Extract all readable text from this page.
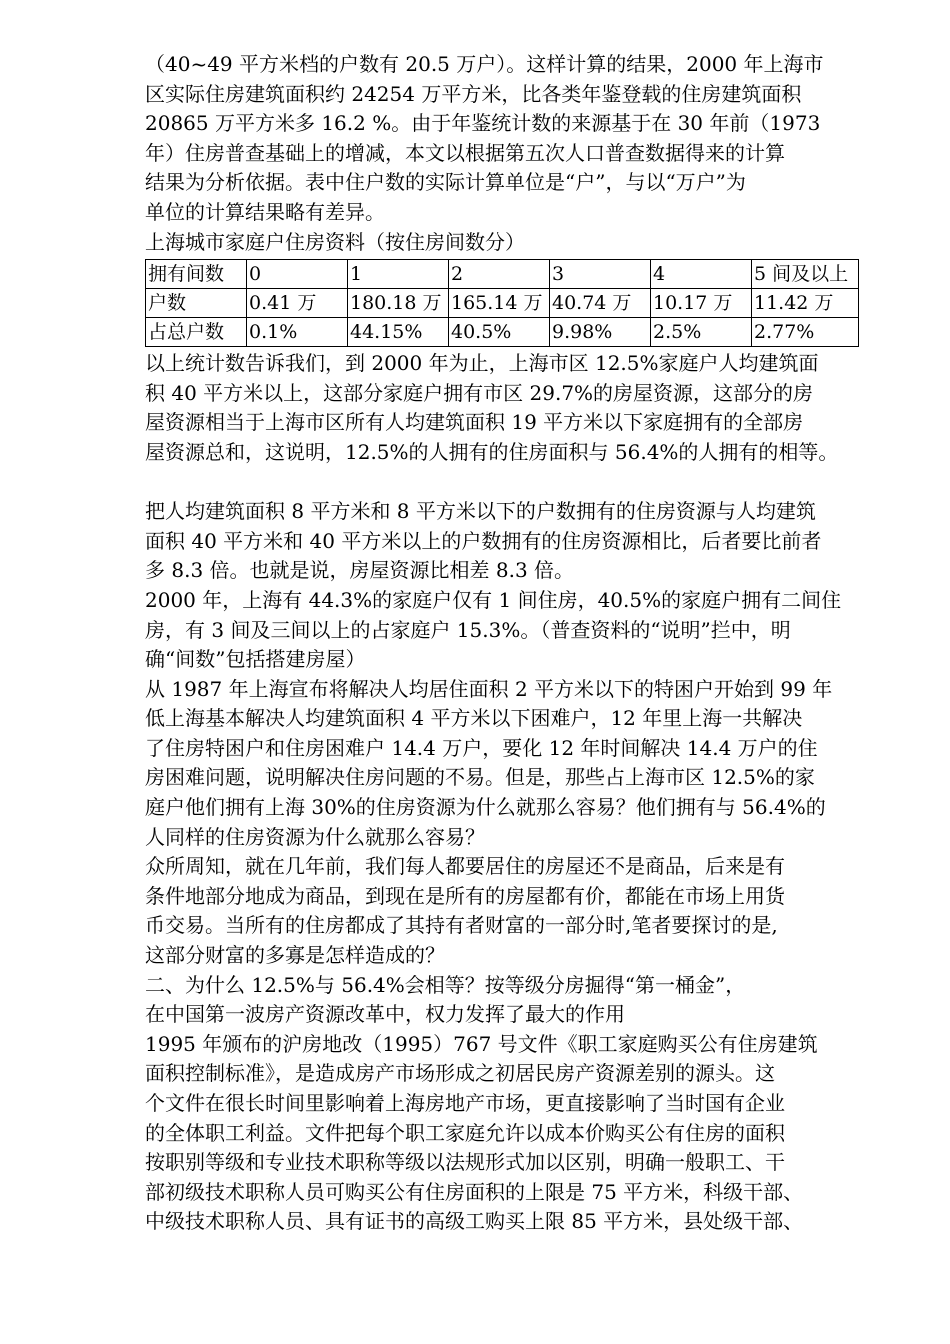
（40~49 平方米档的户数有 20.5 万户）。这样计算的结果，2000 年上海市
区实际住房建筑面积约 24254 万平方米，比各类年鉴登载的住房建筑面积
20865 万平方米多 16.2 %。由于年鉴统计数的来源基于在 30 年前（1973
年）住房普查基础上的增减，本文以根据第五次人口普查数据得来的计算
结果为分析依据。表中住户数的实际计算单位是“户”，与以“万户”为
单位的计算结果略有差异。
上海城市家庭户住房资料（按住房间数分）
拥有间数	0	1	2	3	4	5 间及以上
户数	0.41 万	180.18 万	165.14 万	40.74 万	10.17 万	11.42 万
占总户数	0.1%	44.15%	40.5%	9.98%	2.5%	2.77%
以上统计数告诉我们，到 2000 年为止，上海市区 12.5%家庭户人均建筑面
积 40 平方米以上，这部分家庭户拥有市区 29.7%的房屋资源，这部分的房
屋资源相当于上海市区所有人均建筑面积 19 平方米以下家庭拥有的全部房
屋资源总和，这说明，12.5%的人拥有的住房面积与 56.4%的人拥有的相等。
把人均建筑面积 8 平方米和 8 平方米以下的户数拥有的住房资源与人均建筑
面积 40 平方米和 40 平方米以上的户数拥有的住房资源相比，后者要比前者
多 8.3 倍。也就是说，房屋资源比相差 8.3 倍。
2000 年，上海有 44.3%的家庭户仅有 1 间住房，40.5%的家庭户拥有二间住
房，有 3 间及三间以上的占家庭户 15.3%。（普查资料的“说明”拦中，明
确“间数”包括搭建房屋）
从 1987 年上海宣布将解决人均居住面积 2 平方米以下的特困户开始到 99 年
低上海基本解决人均建筑面积 4 平方米以下困难户，12 年里上海一共解决
了住房特困户和住房困难户 14.4 万户，要化 12 年时间解决 14.4 万户的住
房困难问题，说明解决住房问题的不易。但是，那些占上海市区 12.5%的家
庭户他们拥有上海 30%的住房资源为什么就那么容易？他们拥有与 56.4%的
人同样的住房资源为什么就那么容易？
众所周知，就在几年前，我们每人都要居住的房屋还不是商品，后来是有
条件地部分地成为商品，到现在是所有的房屋都有价，都能在市场上用货
币交易。当所有的住房都成了其持有者财富的一部分时,笔者要探讨的是,
这部分财富的多寡是怎样造成的？
二、为什么 12.5%与 56.4%会相等？按等级分房掘得“第一桶金”，
在中国第一波房产资源改革中，权力发挥了最大的作用
1995 年颁布的沪房地改（1995）767 号文件《职工家庭购买公有住房建筑
面积控制标准》，是造成房产市场形成之初居民房产资源差别的源头。这
个文件在很长时间里影响着上海房地产市场，更直接影响了当时国有企业
的全体职工利益。文件把每个职工家庭允许以成本价购买公有住房的面积
按职别等级和专业技术职称等级以法规形式加以区别，明确一般职工、干
部初级技术职称人员可购买公有住房面积的上限是 75 平方米，科级干部、
中级技术职称人员、具有证书的高级工购买上限 85 平方米，县处级干部、
